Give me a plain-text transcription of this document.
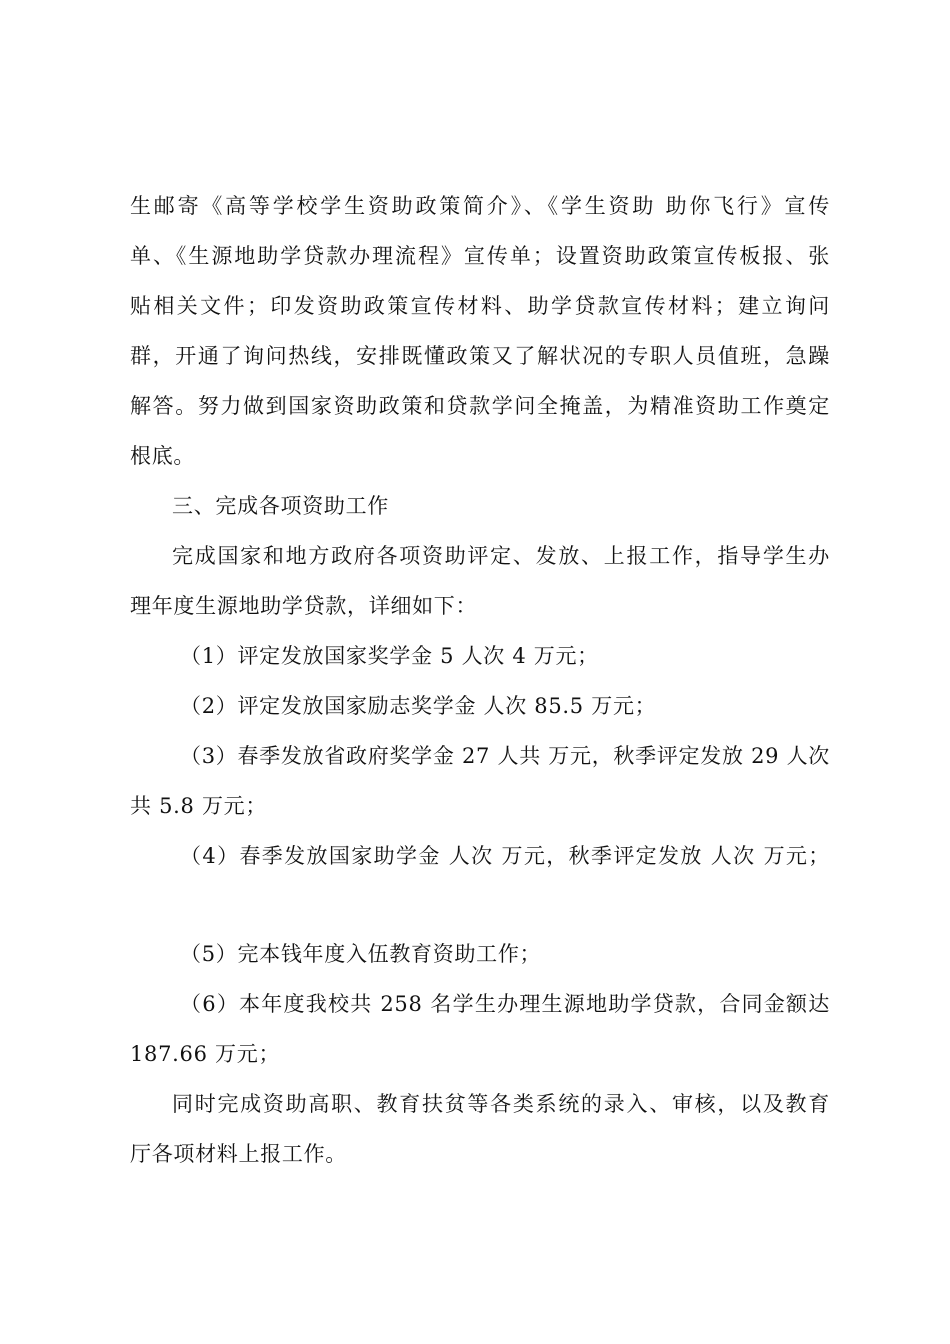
生邮寄《高等学校学生资助政策简介》、《学生资助 助你飞行》宣传
单、《生源地助学贷款办理流程》宣传单；设置资助政策宣传板报、张
贴相关文件；印发资助政策宣传材料、助学贷款宣传材料；建立询问
群，开通了询问热线，安排既懂政策又了解状况的专职人员值班，急躁
解答。努力做到国家资助政策和贷款学问全掩盖，为精准资助工作奠定
根底。
三、完成各项资助工作
完成国家和地方政府各项资助评定、发放、上报工作，指导学生办
理年度生源地助学贷款，详细如下：
（1）评定发放国家奖学金 5 人次 4 万元；
（2）评定发放国家励志奖学金 人次 85.5 万元；
（3）春季发放省政府奖学金 27 人共 万元，秋季评定发放 29 人次
共 5.8 万元；
（4）春季发放国家助学金 人次 万元，秋季评定发放 人次 万元；
（5）完本钱年度入伍教育资助工作；
（6）本年度我校共 258 名学生办理生源地助学贷款，合同金额达
187.66 万元；
同时完成资助高职、教育扶贫等各类系统的录入、审核，以及教育
厅各项材料上报工作。
